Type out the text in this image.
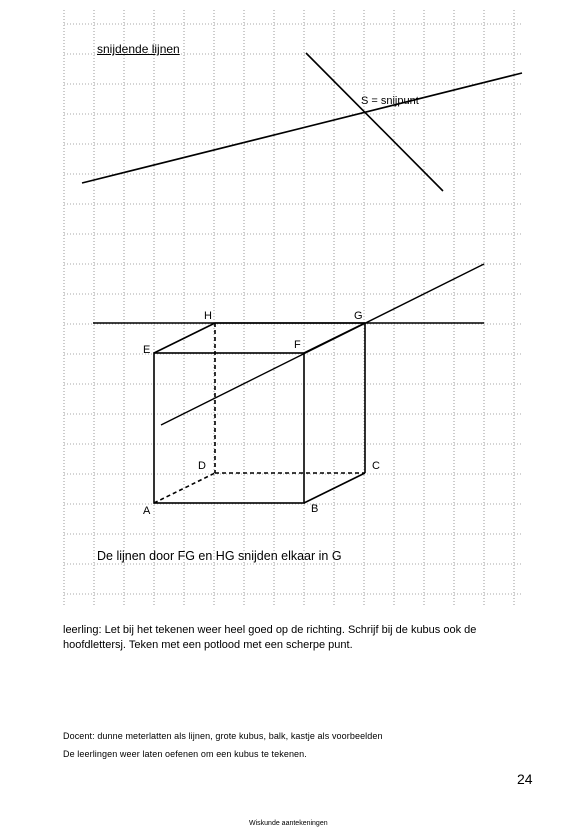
snijdende lijnen
S = snijpunt
A	B
C
D
E	F
G
H
De lijnen door FG en HG snijden elkaar in G
leerling: Let bij het tekenen weer heel goed op de richting. Schrijf bij de kubus ook de hoofdlettersj. Teken met een potlood met een scherpe punt.
Docent: dunne meterlatten als lijnen, grote kubus, balk, kastje als voorbeelden
De leerlingen weer laten oefenen om een kubus te tekenen.
24
Wiskunde aantekeningen
